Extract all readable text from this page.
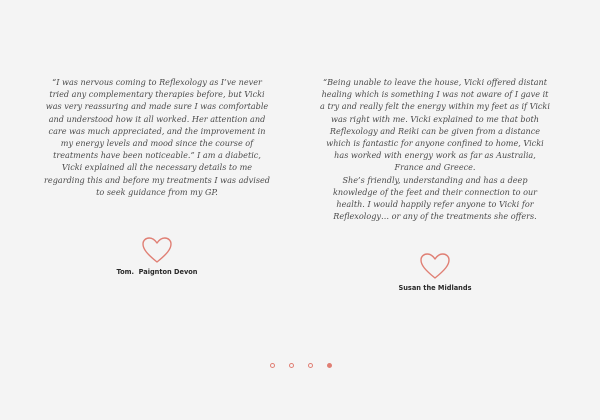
“I was nervous coming to Reflexology as I’ve never tried any complementary therapies before, but Vicki was very reassuring and made sure I was comfortable and understood how it all worked. Her attention and care was much appreciated, and the improvement in my energy levels and mood since the course of treatments have been noticeable.” I am a diabetic, Vicki explained all the necessary details to me regarding this and before my treatments I was advised to seek guidance from my GP.

Tom.  Paignton Devon

“Being unable to leave the house, Vicki offered distant healing which is something I was not aware of I gave it a try and really felt the energy within my feet as if Vicki was right with me. Vicki explained to me that both Reflexology and Reiki can be given from a distance which is fantastic for anyone confined to home, Vicki has worked with energy work as far as Australia, France and Greece.

She’s friendly, understanding and has a deep knowledge of the feet and their connection to our health. I would happily refer anyone to Vicki for Reflexology… or any of the treatments she offers.

Susan the Midlands
